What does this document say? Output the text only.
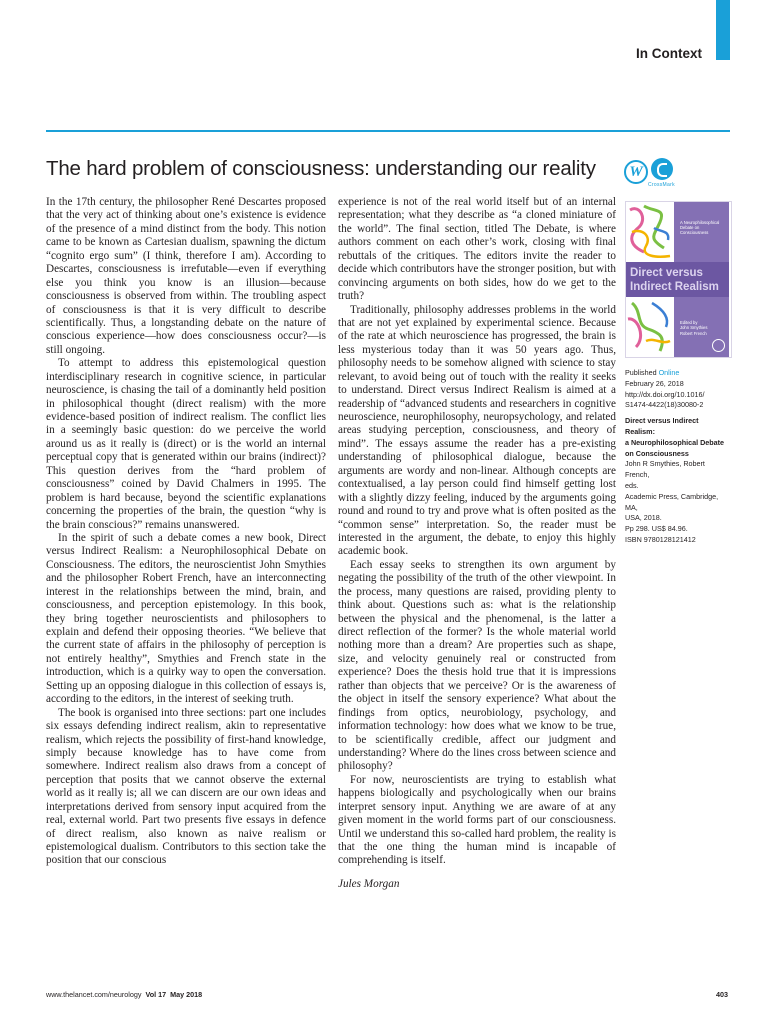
In Context
The hard problem of consciousness: understanding our reality	W
CrossMark

In the 17th century, the philosopher René Descartes proposed that the very act of thinking about one’s existence is evidence of the presence of a mind distinct from the body. This notion came to be known as Cartesian dualism, spawning the dictum “cognito ergo sum” (I think, therefore I am). According to Descartes, consciousness is irrefutable—even if everything else you think you know is an illusion—because consciousness is observed from within. The troubling aspect of consciousness is that it is very difficult to describe scientifically. Thus, a longstanding debate on the nature of conscious experience—how does consciousness occur?—is still ongoing.

To attempt to address this epistemological question interdisciplinary research in cognitive science, in particular neuroscience, is chasing the tail of a dominantly held position in philosophical thought (direct realism) with the more evidence-based position of indirect realism. The conflict lies in a seemingly basic question: do we perceive the world around us as it really is (direct) or is the world an internal perceptual copy that is generated within our brains (indirect)? This question derives from the “hard problem of consciousness” coined by David Chalmers in 1995. The problem is hard because, beyond the scientific explanations concerning the properties of the brain, the question “why is the brain conscious?” remains unanswered.

In the spirit of such a debate comes a new book, Direct versus Indirect Realism: a Neurophilosophical Debate on Consciousness. The editors, the neuroscientist John Smythies and the philosopher Robert French, have an interconnecting interest in the relationships between the mind, brain, and consciousness, and perception epistemology. In this book, they bring together neuroscientists and philosophers to explain and defend their opposing theories. “We believe that the current state of affairs in the philosophy of perception is not entirely healthy”, Smythies and French state in the introduction, which is a quirky way to open the conversation. Setting up an opposing dialogue in this collection of essays is, according to the editors, in the interest of seeking truth.

The book is organised into three sections: part one includes six essays defending indirect realism, akin to representative realism, which rejects the possibility of first-hand knowledge, simply because knowledge has to have come from somewhere. Indirect realism also draws from a concept of perception that posits that we cannot observe the external world as it really is; all we can discern are our own ideas and interpretations derived from sensory input acquired from the real, external world. Part two presents five essays in defence of direct realism, also known as naive realism or epistemological dualism. Contributors to this section take the position that our conscious

experience is not of the real world itself but of an internal representation; what they describe as “a cloned miniature of the world”. The final section, titled The Debate, is where authors comment on each other’s work, closing with final rebuttals of the critiques. The editors invite the reader to decide which contributors have the stronger position, but with convincing arguments on both sides, how do we get to the truth?

Traditionally, philosophy addresses problems in the world that are not yet explained by experimental science. Because of the rate at which neuroscience has progressed, the brain is less mysterious today than it was 50 years ago. Thus, philosophy needs to be somehow aligned with science to stay relevant, to avoid being out of touch with the reality it seeks to understand. Direct versus Indirect Realism is aimed at a readership of “advanced students and researchers in cognitive neuroscience, neurophilosophy, neuropsychology, and related areas studying perception, consciousness, and theory of mind”. The essays assume the reader has a pre-existing understanding of philosophical dialogue, because the arguments are wordy and non-linear. Although concepts are contextualised, a lay person could find himself getting lost with a slightly dizzy feeling, induced by the arguments going round and round to try and prove what is often posited as the “common sense” interpretation. So, the reader must be interested in the argument, the debate, to enjoy this highly academic book.

Each essay seeks to strengthen its own argument by negating the possibility of the truth of the other viewpoint. In the process, many questions are raised, providing plenty to think about. Questions such as: what is the relationship between the physical and the phenomenal, is the latter a direct reflection of the former? Is the whole material world nothing more than a dream? Are properties such as shape, size, and velocity genuinely real or constructed from experience? Does the thesis hold true that it is impressions rather than objects that we perceive? Or is the awareness of the object in itself the sensory experience? What about the findings from optics, neurobiology, psychology, and information technology: how does what we know to be true, to be scientifically credible, affect our judgment and understanding? Where do the lines cross between science and philosophy?

For now, neuroscientists are trying to establish what happens biologically and psychologically when our brains interpret sensory input. Anything we are aware of at any given moment in the world forms part of our consciousness. Until we understand this so-called hard problem, the reality is that the one thing the human mind is incapable of comprehending is itself.

Jules Morgan

A Neurophilosophical Debate on Consciousness
Direct versus
Indirect Realism
Edited by
John Smythies
Robert French
Published Online
February 26, 2018
http://dx.doi.org/10.1016/
S1474-4422(18)30080-2
Direct versus Indirect Realism:
a Neurophilosophical Debate
on Consciousness
John R Smythies, Robert French,
eds.
Academic Press, Cambridge, MA,
USA, 2018.
Pp 298. US$ 84.96.
ISBN 9780128121412
www.thelancet.com/neurology Vol 17 May 2018	403
